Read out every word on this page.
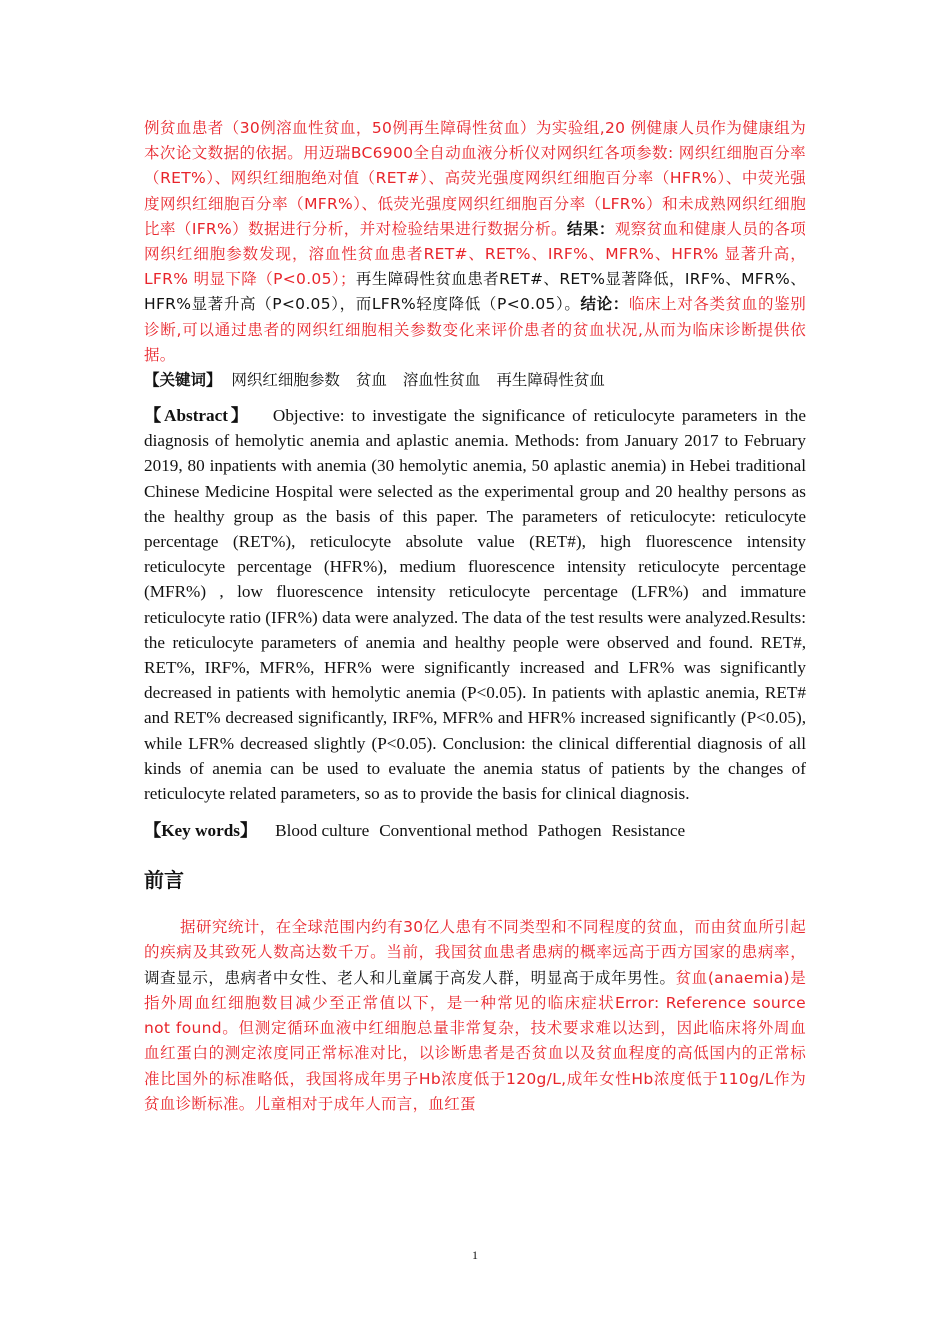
例贫血患者（30例溶血性贫血，50例再生障碍性贫血）为实验组,20 例健康人员作为健康组为本次论文数据的依据。用迈瑞BC6900全自动血液分析仪对网织红各项参数: 网织红细胞百分率（RET%）、网织红细胞绝对值（RET#）、高荧光强度网织红细胞百分率（HFR%）、中荧光强度网织红细胞百分率（MFR%）、低荧光强度网织红细胞百分率（LFR%）和未成熟网织红细胞比率（IFR%）数据进行分析，并对检验结果进行数据分析。结果：观察贫血和健康人员的各项网织红细胞参数发现，溶血性贫血患者RET#、RET%、IRF%、MFR%、HFR% 显著升高，LFR% 明显下降（P<0.05）；再生障碍性贫血患者RET#、RET%显著降低，IRF%、MFR%、HFR%显著升高（P<0.05），而LFR%轻度降低（P<0.05）。结论：临床上对各类贫血的鉴别诊断,可以通过患者的网织红细胞相关参数变化来评价患者的贫血状况,从而为临床诊断提供依据。

【关键词】 网织红细胞参数 贫血 溶血性贫血 再生障碍性贫血

【Abstract】 Objective: to investigate the significance of reticulocyte parameters in the diagnosis of hemolytic anemia and aplastic anemia. Methods: from January 2017 to February 2019, 80 inpatients with anemia (30 hemolytic anemia, 50 aplastic anemia) in Hebei traditional Chinese Medicine Hospital were selected as the experimental group and 20 healthy persons as the healthy group as the basis of this paper. The parameters of reticulocyte: reticulocyte percentage (RET%), reticulocyte absolute value (RET#), high fluorescence intensity reticulocyte percentage (HFR%), medium fluorescence intensity reticulocyte percentage (MFR%) , low fluorescence intensity reticulocyte percentage (LFR%) and immature reticulocyte ratio (IFR%) data were analyzed. The data of the test results were analyzed.Results: the reticulocyte parameters of anemia and healthy people were observed and found. RET#, RET%, IRF%, MFR%, HFR% were significantly increased and LFR% was significantly decreased in patients with hemolytic anemia (P<0.05). In patients with aplastic anemia, RET# and RET% decreased significantly, IRF%, MFR% and HFR% increased significantly (P<0.05), while LFR% decreased slightly (P<0.05). Conclusion: the clinical differential diagnosis of all kinds of anemia can be used to evaluate the anemia status of patients by the changes of reticulocyte related parameters, so as to provide the basis for clinical diagnosis.

【Key words】 Blood culture Conventional method Pathogen Resistance

前言

据研究统计，在全球范围内约有30亿人患有不同类型和不同程度的贫血，而由贫血所引起的疾病及其致死人数高达数千万。当前，我国贫血患者患病的概率远高于西方国家的患病率，调查显示，患病者中女性、老人和儿童属于高发人群，明显高于成年男性。贫血(anaemia)是指外周血红细胞数目减少至正常值以下，是一种常见的临床症状Error: Reference source not found。但测定循环血液中红细胞总量非常复杂，技术要求难以达到，因此临床将外周血血红蛋白的测定浓度同正常标准对比，以诊断患者是否贫血以及贫血程度的高低国内的正常标准比国外的标准略低，我国将成年男子Hb浓度低于120g/L,成年女性Hb浓度低于110g/L作为贫血诊断标准。儿童相对于成年人而言，血红蛋

1
